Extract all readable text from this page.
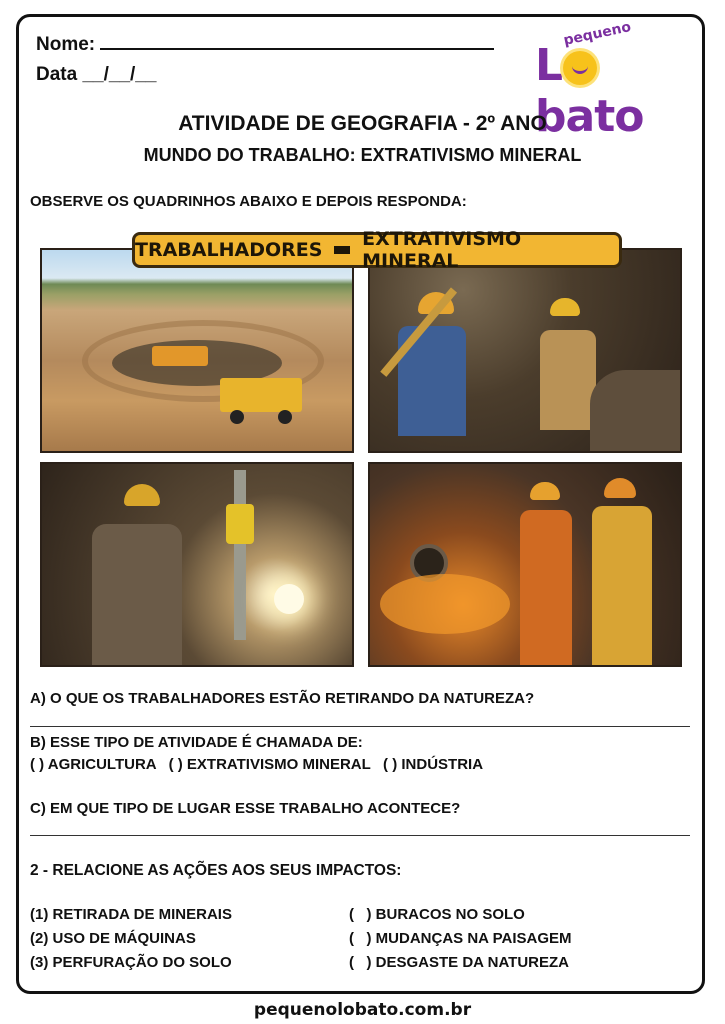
Nome:
Data __/__/__
pequeno
Lbato
ATIVIDADE DE GEOGRAFIA - 2º ANO
MUNDO DO TRABALHO: EXTRATIVISMO MINERAL
OBSERVE OS QUADRINHOS ABAIXO E DEPOIS RESPONDA:
TRABALHADORES EXTRATIVISMO MINERAL
A) O QUE OS TRABALHADORES ESTÃO RETIRANDO DA NATUREZA?
B) ESSE TIPO DE ATIVIDADE É CHAMADA DE:
( ) AGRICULTURA   ( ) EXTRATIVISMO MINERAL   ( ) INDÚSTRIA
C) EM QUE TIPO DE LUGAR ESSE TRABALHO ACONTECE?
2 - RELACIONE AS AÇÕES AOS SEUS IMPACTOS:
(1) RETIRADA DE MINERAIS
(2) USO DE MÁQUINAS
(3) PERFURAÇÃO DO SOLO
(   ) BURACOS NO SOLO
(   ) MUDANÇAS NA PAISAGEM
(   ) DESGASTE DA NATUREZA
pequenolobato.com.br
